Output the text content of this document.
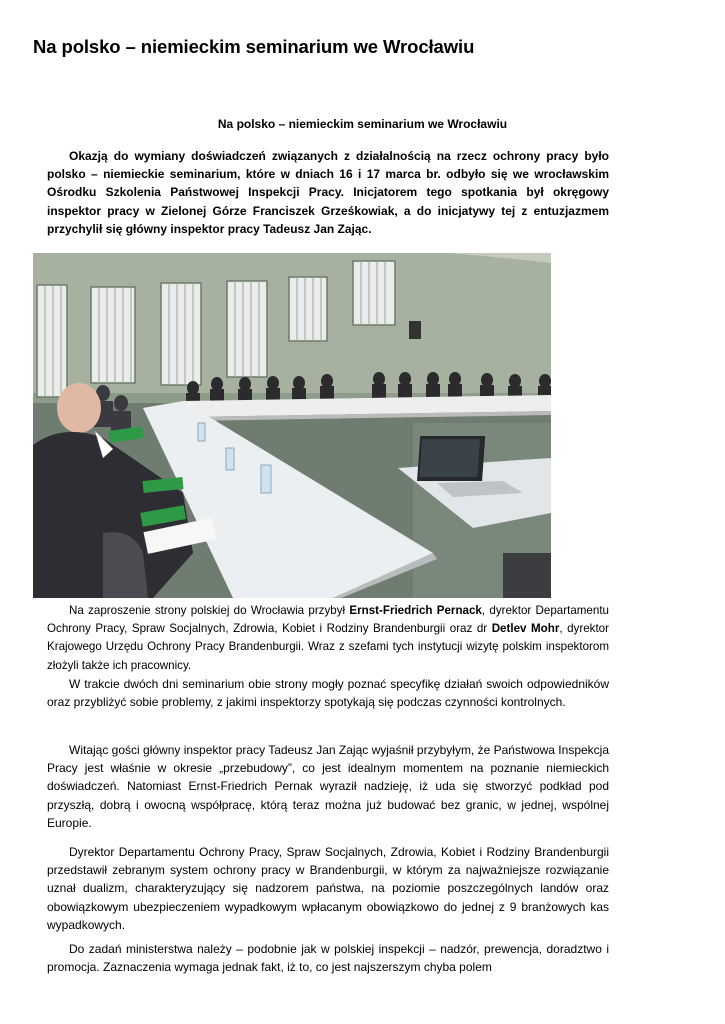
Na polsko – niemieckim seminarium we Wrocławiu
Na polsko – niemieckim seminarium we Wrocławiu

Okazją do wymiany doświadczeń związanych z działalnością na rzecz ochrony pracy było polsko – niemieckie seminarium, które w dniach 16 i 17 marca br. odbyło się we wrocławskim Ośrodku Szkolenia Państwowej Inspekcji Pracy. Inicjatorem tego spotkania był okręgowy inspektor pracy w Zielonej Górze Franciszek Grześkowiak, a do inicjatywy tej z entuzjazmem przychylił się główny inspektor pracy Tadeusz Jan Zając.

Na zaproszenie strony polskiej do Wrocławia przybył Ernst-Friedrich Pernack, dyrektor Departamentu Ochrony Pracy, Spraw Socjalnych, Zdrowia, Kobiet i Rodziny Brandenburgii oraz dr Detlev Mohr, dyrektor Krajowego Urzędu Ochrony Pracy Brandenburgii. Wraz z szefami tych instytucji wizytę polskim inspektorom złożyli także ich pracownicy.

W trakcie dwóch dni seminarium obie strony mogły poznać specyfikę działań swoich odpowiedników oraz przybliżyć sobie problemy, z jakimi inspektorzy spotykają się podczas czynności kontrolnych.

Witając gości główny inspektor pracy Tadeusz Jan Zając wyjaśnił przybyłym, że Państwowa Inspekcja Pracy jest właśnie w okresie „przebudowy”, co jest idealnym momentem na poznanie niemieckich doświadczeń. Natomiast Ernst-Friedrich Pernak wyraził nadzieję, iż uda się stworzyć podkład pod przyszłą, dobrą i owocną współpracę, którą teraz można już budować bez granic, w jednej, wspólnej Europie.

Dyrektor Departamentu Ochrony Pracy, Spraw Socjalnych, Zdrowia, Kobiet i Rodziny Brandenburgii przedstawił zebranym system ochrony pracy w Brandenburgii, w którym za najważniejsze rozwiązanie uznał dualizm, charakteryzujący się nadzorem państwa, na poziomie poszczególnych landów oraz obowiązkowym ubezpieczeniem wypadkowym wpłacanym obowiązkowo do jednej z 9 branżowych kas wypadkowych.

Do zadań ministerstwa należy – podobnie jak w polskiej inspekcji – nadzór, prewencja, doradztwo i promocja. Zaznaczenia wymaga jednak fakt, iż to, co jest najszerszym chyba polem
